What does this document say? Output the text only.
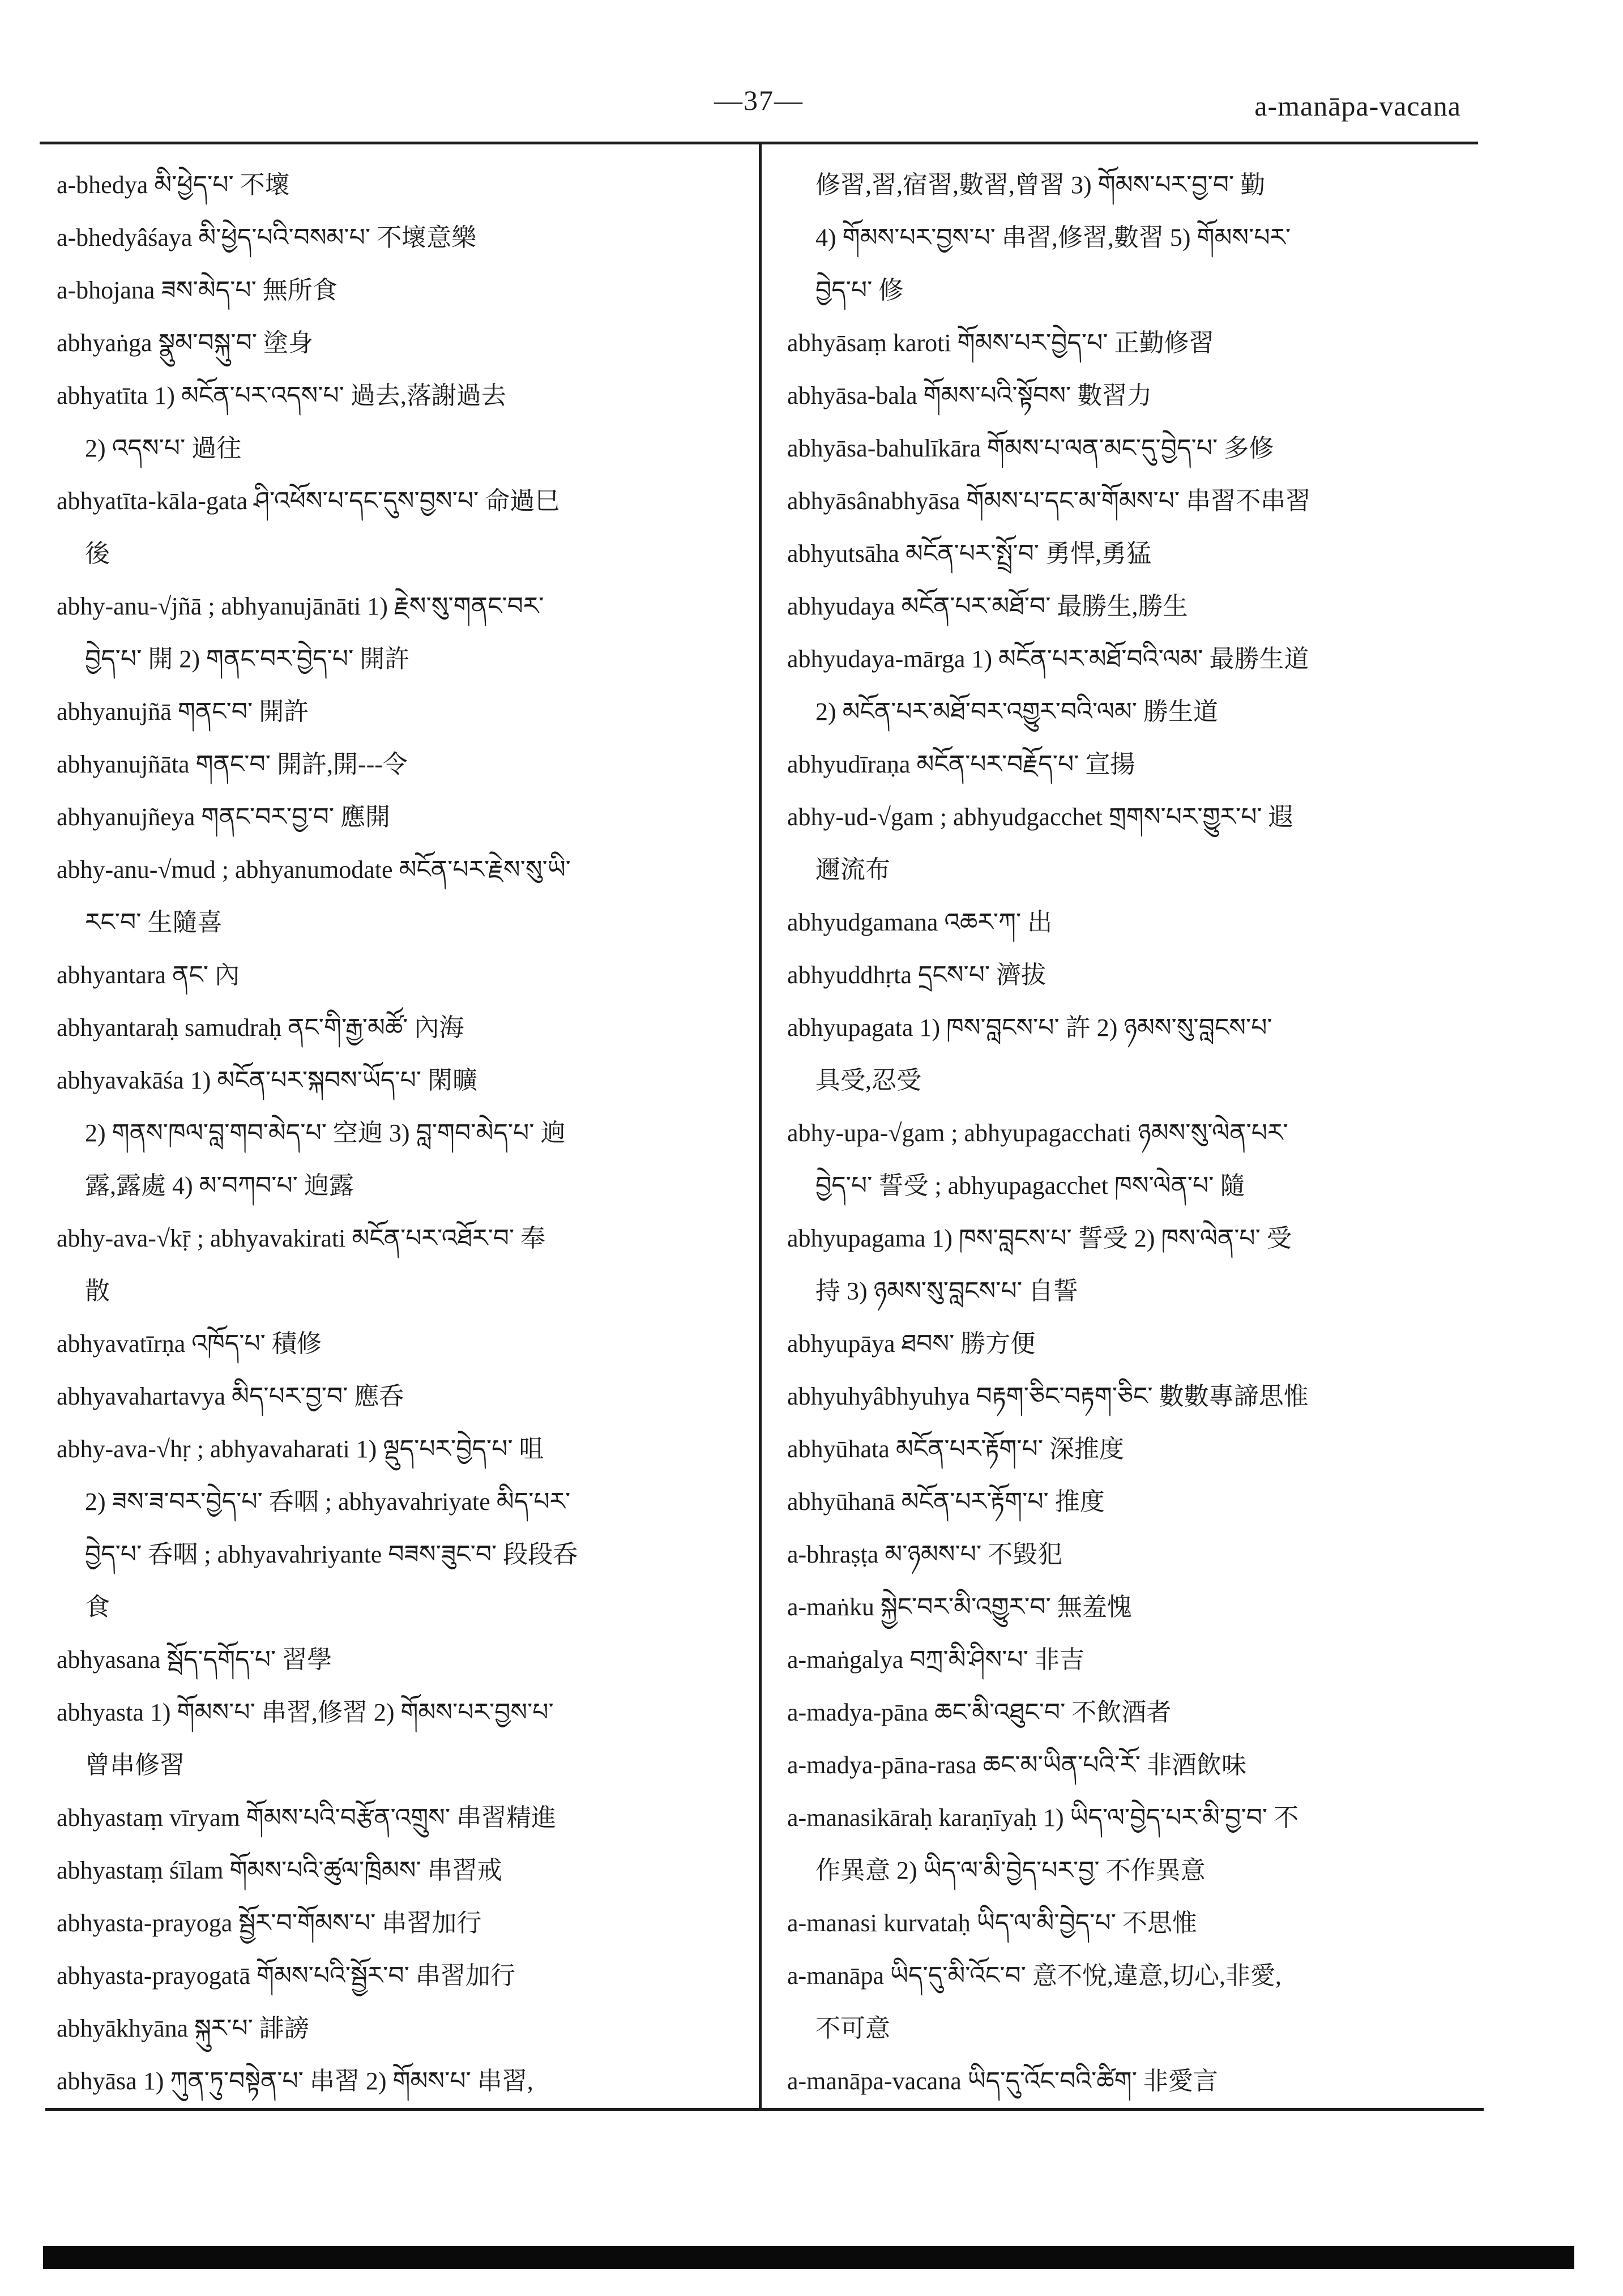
—37—	a-manāpa-vacana
a-bhedya མི་ཕྱེད་པ་ 不壞
a-bhedyâśaya མི་ཕྱེད་པའི་བསམ་པ་ 不壞意樂
a-bhojana ཟས་མེད་པ་ 無所食
abhyaṅga སྣུམ་བསྐུ་བ་ 塗身
abhyatīta 1) མངོན་པར་འདས་པ་ 過去,落謝過去
2) འདས་པ་ 過往
abhyatīta-kāla-gata ཤི་འཕོས་པ་དང་དུས་བྱས་པ་ 命過巳
後
abhy-anu-√jñā ; abhyanujānāti 1) རྗེས་སུ་གནང་བར་
བྱེད་པ་ 開 2) གནང་བར་བྱེད་པ་ 開許
abhyanujñā གནང་བ་ 開許
abhyanujñāta གནང་བ་ 開許,開---令
abhyanujñeya གནང་བར་བྱ་བ་ 應開
abhy-anu-√mud ; abhyanumodate མངོན་པར་རྗེས་སུ་ཡི་
རང་བ་ 生隨喜
abhyantara ནང་ 內
abhyantaraḥ samudraḥ ནང་གི་རྒྱ་མཚོ་ 內海
abhyavakāśa 1) མངོན་པར་སྐབས་ཡོད་པ་ 閑曠
2) གནས་ཁལ་བླ་གབ་མེད་པ་ 空逈 3) བླ་གབ་མེད་པ་ 逈
露,露處 4) མ་བཀབ་པ་ 逈露
abhy-ava-√kṝ ; abhyavakirati མངོན་པར་འཐོར་བ་ 奉
散
abhyavatīrṇa འཁོད་པ་ 積修
abhyavahartavya མིད་པར་བྱ་བ་ 應呑
abhy-ava-√hṛ ; abhyavaharati 1) ལྡུད་པར་བྱེད་པ་ 咀
2) ཟས་ཟ་བར་བྱེད་པ་ 呑咽 ; abhyavahriyate མིད་པར་
བྱེད་པ་ 呑咽 ; abhyavahriyante བཟས་ཟུང་བ་ 段段呑
食
abhyasana སྦོད་དགོད་པ་ 習學
abhyasta 1) གོམས་པ་ 串習,修習 2) གོམས་པར་བྱས་པ་
曾串修習
abhyastaṃ vīryam གོམས་པའི་བརྩོན་འགྲུས་ 串習精進
abhyastaṃ śīlam གོམས་པའི་ཚུལ་ཁྲིམས་ 串習戒
abhyasta-prayoga སྦྱོར་བ་གོམས་པ་ 串習加行
abhyasta-prayogatā གོམས་པའི་སྦྱོར་བ་ 串習加行
abhyākhyāna སྐུར་པ་ 誹謗
abhyāsa 1) ཀུན་ཏུ་བསྟེན་པ་ 串習 2) གོམས་པ་ 串習,
修習,習,宿習,數習,曾習 3) གོམས་པར་བྱ་བ་ 勤
4) གོམས་པར་བྱས་པ་ 串習,修習,數習 5) གོམས་པར་
བྱེད་པ་ 修
abhyāsaṃ karoti གོམས་པར་བྱེད་པ་ 正勤修習
abhyāsa-bala གོམས་པའི་སྟོབས་ 數習力
abhyāsa-bahulīkāra གོམས་པ་ལན་མང་དུ་བྱེད་པ་ 多修
abhyāsânabhyāsa གོམས་པ་དང་མ་གོམས་པ་ 串習不串習
abhyutsāha མངོན་པར་སྤྲོ་བ་ 勇悍,勇猛
abhyudaya མངོན་པར་མཐོ་བ་ 最勝生,勝生
abhyudaya-mārga 1) མངོན་པར་མཐོ་བའི་ལམ་ 最勝生道
2) མངོན་པར་མཐོ་བར་འགྱུར་བའི་ལམ་ 勝生道
abhyudīraṇa མངོན་པར་བརྗོད་པ་ 宣揚
abhy-ud-√gam ; abhyudgacchet གྲགས་པར་གྱུར་པ་ 遐
邇流布
abhyudgamana འཆར་ཀ་ 出
abhyuddhṛta དྲངས་པ་ 濟拔
abhyupagata 1) ཁས་བླངས་པ་ 許 2) ཉམས་སུ་བླངས་པ་
具受,忍受
abhy-upa-√gam ; abhyupagacchati ཉམས་སུ་ལེན་པར་
བྱེད་པ་ 誓受 ; abhyupagacchet ཁས་ལེན་པ་ 隨
abhyupagama 1) ཁས་བླངས་པ་ 誓受 2) ཁས་ལེན་པ་ 受
持 3) ཉམས་སུ་བླངས་པ་ 自誓
abhyupāya ཐབས་ 勝方便
abhyuhyâbhyuhya བརྟག་ཅིང་བརྟག་ཅིང་ 數數專諦思惟
abhyūhata མངོན་པར་རྟོག་པ་ 深推度
abhyūhanā མངོན་པར་རྟོག་པ་ 推度
a-bhraṣṭa མ་ཉམས་པ་ 不毀犯
a-maṅku སྐྱེང་བར་མི་འགྱུར་བ་ 無羞愧
a-maṅgalya བཀྲ་མི་ཤིས་པ་ 非吉
a-madya-pāna ཆང་མི་འཐུང་བ་ 不飲酒者
a-madya-pāna-rasa ཆང་མ་ཡིན་པའི་རོ་ 非酒飲味
a-manasikāraḥ karaṇīyaḥ 1) ཡིད་ལ་བྱེད་པར་མི་བྱ་བ་ 不
作異意 2) ཡིད་ལ་མི་བྱེད་པར་བྱ་ 不作異意
a-manasi kurvataḥ ཡིད་ལ་མི་བྱེད་པ་ 不思惟
a-manāpa ཡིད་དུ་མི་འོང་བ་ 意不悅,違意,切心,非愛,
不可意
a-manāpa-vacana ཡིད་དུ་འོང་བའི་ཚིག་ 非愛言
